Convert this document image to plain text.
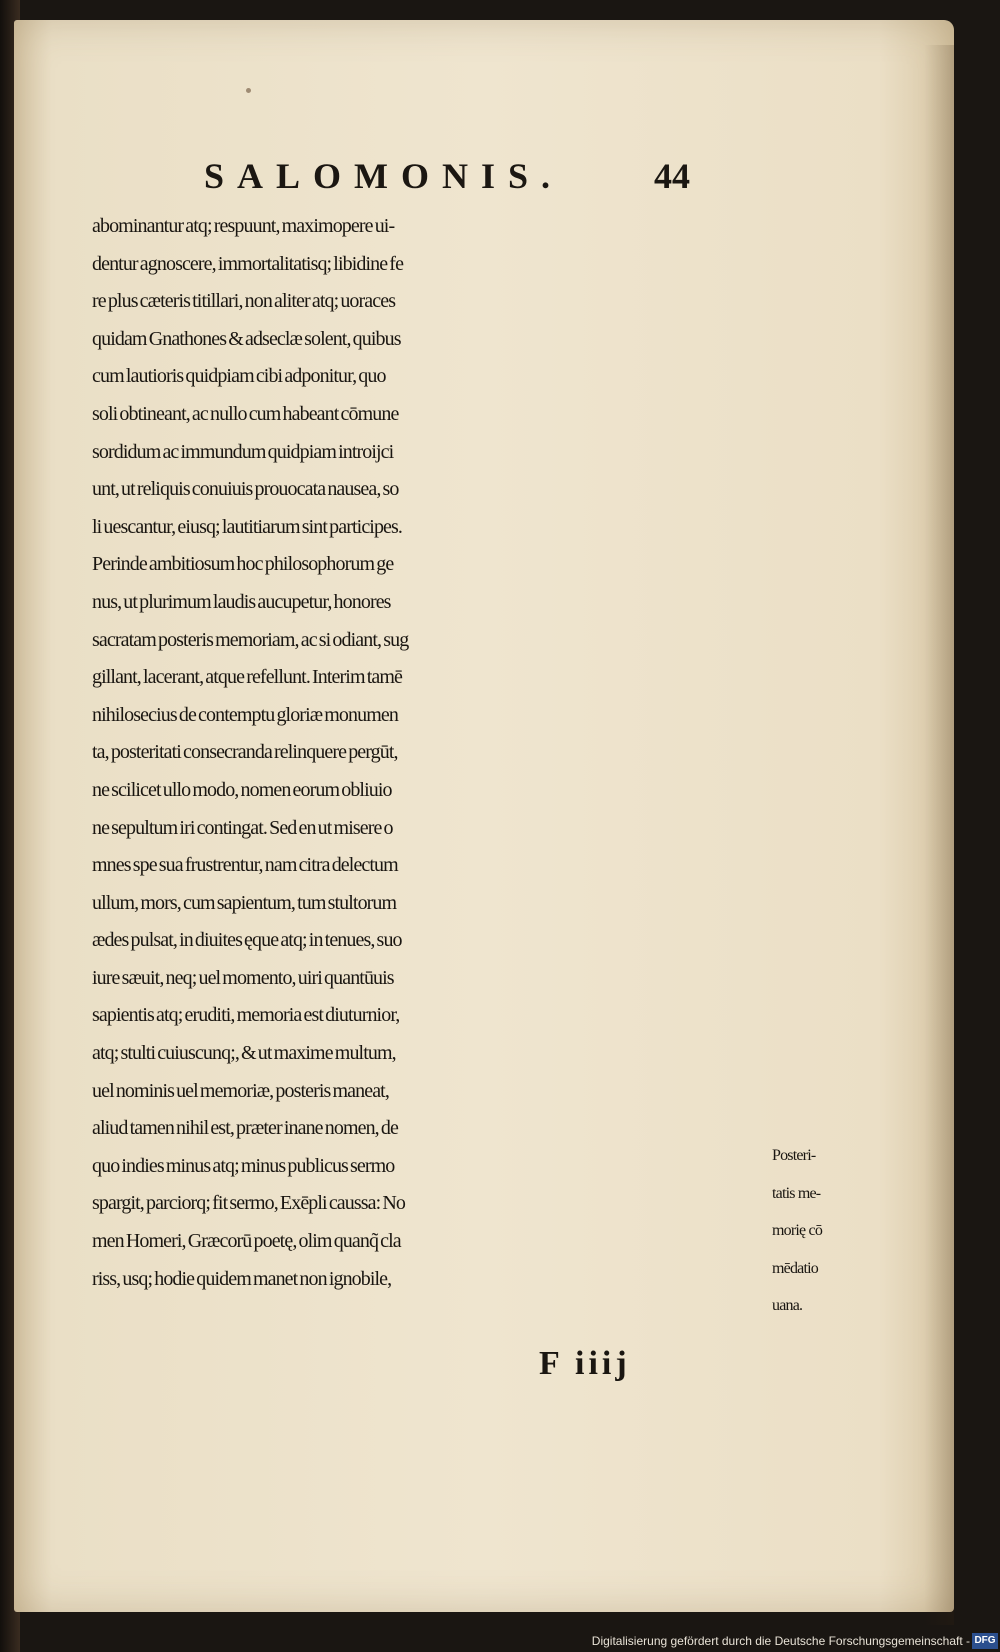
SALOMONIS.	44
abominantur atq; respuunt, maximopere ui-
dentur agnoscere, immortalitatisq; libidine fe
re plus cæteris titillari, non aliter atq; uoraces
quidam Gnathones & adseclæ solent, quibus
cum lautioris quidpiam cibi adponitur, quo
soli obtineant, ac nullo cum habeant cōmune
sordidum ac immundum quidpiam introijci
unt, ut reliquis conuiuis prouocata nausea, so
li uescantur, eiusq; lautitiarum sint participes.
Perinde ambitiosum hoc philosophorum ge
nus, ut plurimum laudis aucupetur, honores
sacratam posteris memoriam, ac si odiant, sug
gillant, lacerant, atque refellunt. Interim tamē
nihilosecius de contemptu gloriæ monumen
ta, posteritati consecranda relinquere pergūt,
ne scilicet ullo modo, nomen eorum obliuio
ne sepultum iri contingat. Sed en ut misere o
mnes spe sua frustrentur, nam citra delectum
ullum, mors, cum sapientum, tum stultorum
ædes pulsat, in diuites ęque atq; in tenues, suo
iure sæuit, neq; uel momento, uiri quantūuis
sapientis atq; eruditi, memoria est diuturnior,
atq; stulti cuiuscunq;, & ut maxime multum,
uel nominis uel memoriæ, posteris maneat,
aliud tamen nihil est, præter inane nomen, de
quo indies minus atq; minus publicus sermo
spargit, parciorq; fit sermo, Exēpli caussa: No
men Homeri, Græcorū poetę, olim quanq̃ cla
riss, usq; hodie quidem manet non ignobile,
Posteri-
tatis me-
morię cō
mēdatio
uana.
F iiij
Digitalisierung gefördert durch die Deutsche Forschungsgemeinschaft - DFG
